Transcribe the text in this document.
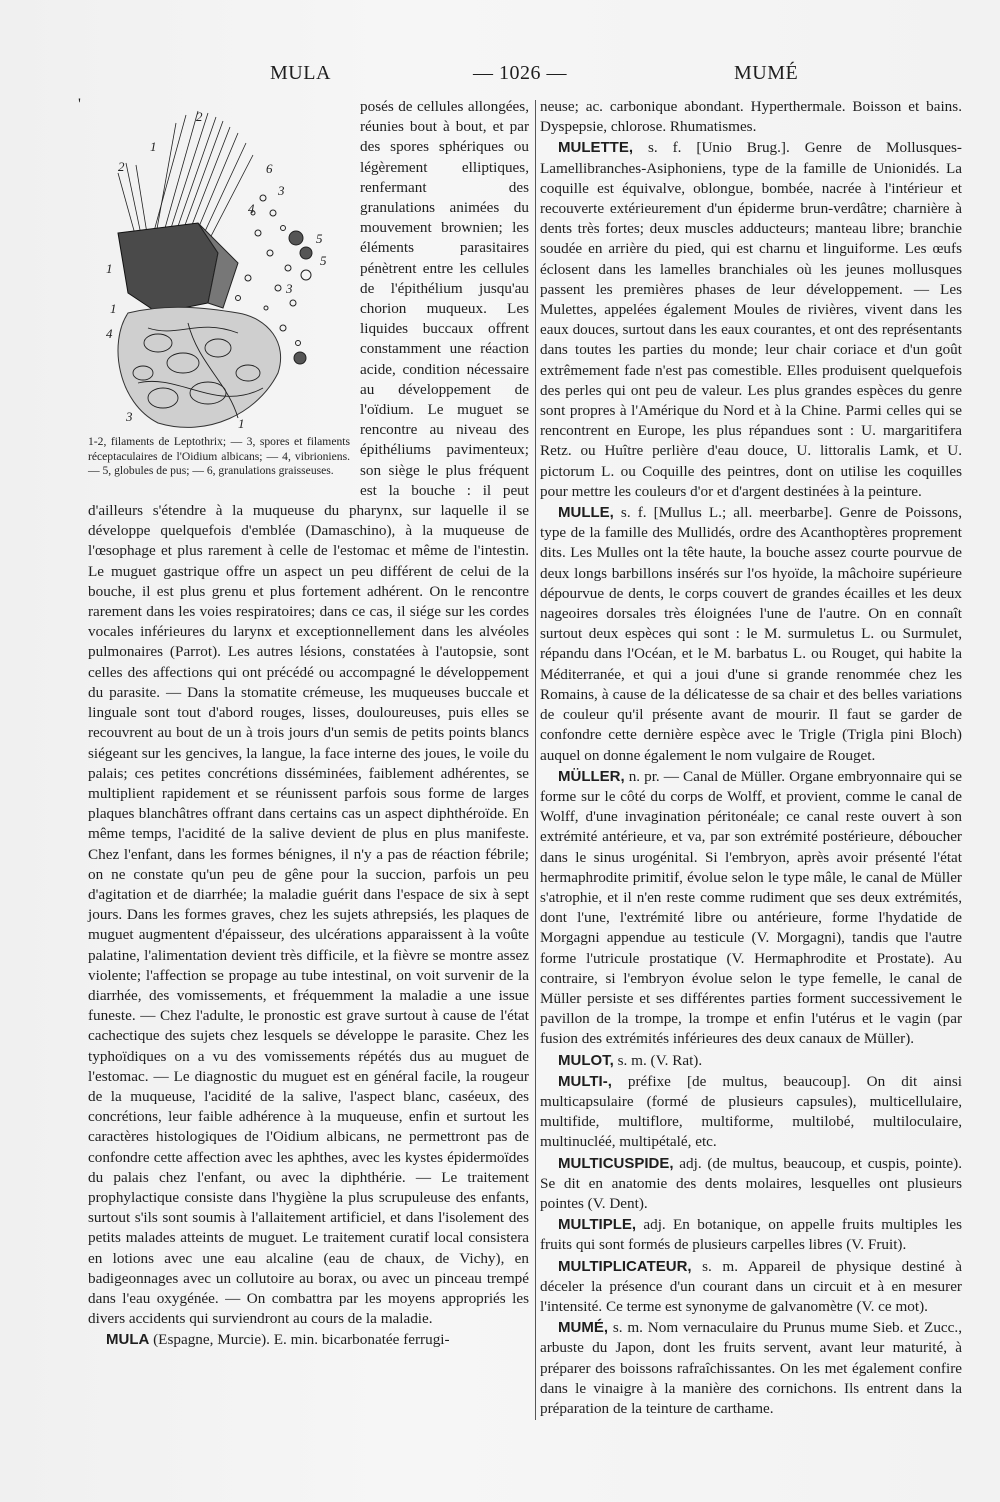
MULA	— 1026 —	MUMÉ
'
2
1
2	6
3
4
5
1
5
3
1
4
1
3
1-2, filaments de Leptothrix; — 3, spores et filaments réceptaculaires de l'Oidium albicans; — 4, vibrioniens. — 5, globules de pus; — 6, granulations graisseuses.

posés de cellules allongées, réunies bout à bout, et par des spores sphériques ou légèrement elliptiques, renfermant des granulations animées du mouvement brownien; les éléments parasitaires pénètrent entre les cellules de l'épithélium jusqu'au chorion muqueux. Les liquides buccaux offrent constamment une réaction acide, condition nécessaire au développement de l'oïdium. Le muguet se rencontre au niveau des épithéliums pavimenteux; son siège le plus fréquent est la bouche : il peut d'ailleurs s'étendre à la muqueuse du pharynx, sur laquelle il se développe quelquefois d'emblée (Damaschino), à la muqueuse de l'œsophage et plus rarement à celle de l'estomac et même de l'intestin. Le muguet gastrique offre un aspect un peu différent de celui de la bouche, il est plus grenu et plus fortement adhérent. On le rencontre rarement dans les voies respiratoires; dans ce cas, il siége sur les cordes vocales inférieures du larynx et exceptionnellement dans les alvéoles pulmonaires (Parrot). Les autres lésions, constatées à l'autopsie, sont celles des affections qui ont précédé ou accompagné le développement du parasite. — Dans la stomatite crémeuse, les muqueuses buccale et linguale sont tout d'abord rouges, lisses, douloureuses, puis elles se recouvrent au bout de un à trois jours d'un semis de petits points blancs siégeant sur les gencives, la langue, la face interne des joues, le voile du palais; ces petites concrétions disséminées, faiblement adhérentes, se multiplient rapidement et se réunissent parfois sous forme de larges plaques blanchâtres offrant dans certains cas un aspect diphthéroïde. En même temps, l'acidité de la salive devient de plus en plus manifeste. Chez l'enfant, dans les formes bénignes, il n'y a pas de réaction fébrile; on ne constate qu'un peu de gêne pour la succion, parfois un peu d'agitation et de diarrhée; la maladie guérit dans l'espace de six à sept jours. Dans les formes graves, chez les sujets athrepsiés, les plaques de muguet augmentent d'épaisseur, des ulcérations apparaissent à la voûte palatine, l'alimentation devient très difficile, et la fièvre se montre assez violente; l'affection se propage au tube intestinal, on voit survenir de la diarrhée, des vomissements, et fréquemment la maladie a une issue funeste. — Chez l'adulte, le pronostic est grave surtout à cause de l'état cachectique des sujets chez lesquels se développe le parasite. Chez les typhoïdiques on a vu des vomissements répétés dus au muguet de l'estomac. — Le diagnostic du muguet est en général facile, la rougeur de la muqueuse, l'acidité de la salive, l'aspect blanc, caséeux, des concrétions, leur faible adhérence à la muqueuse, enfin et surtout les caractères histologiques de l'Oidium albicans, ne permettront pas de confondre cette affection avec les aphthes, avec les kystes épidermoïdes du palais chez l'enfant, ou avec la diphthérie. — Le traitement prophylactique consiste dans l'hygiène la plus scrupuleuse des enfants, surtout s'ils sont soumis à l'allaitement artificiel, et dans l'isolement des petits malades atteints de muguet. Le traitement curatif local consistera en lotions avec une eau alcaline (eau de chaux, de Vichy), en badigeonnages avec un collutoire au borax, ou avec un pinceau trempé dans l'eau oxygénée. — On combattra par les moyens appropriés les divers accidents qui surviendront au cours de la maladie.

MULA (Espagne, Murcie). E. min. bicarbonatée ferrugi-

neuse; ac. carbonique abondant. Hyperthermale. Boisson et bains. Dyspepsie, chlorose. Rhumatismes.

MULETTE, s. f. [Unio Brug.]. Genre de Mollusques-Lamellibranches-Asiphoniens, type de la famille de Unionidés. La coquille est équivalve, oblongue, bombée, nacrée à l'intérieur et recouverte extérieurement d'un épiderme brun-verdâtre; charnière à dents très fortes; deux muscles adducteurs; manteau libre; branchie soudée en arrière du pied, qui est charnu et linguiforme. Les œufs éclosent dans les lamelles branchiales où les jeunes mollusques passent les premières phases de leur développement. — Les Mulettes, appelées également Moules de rivières, vivent dans les eaux douces, surtout dans les eaux courantes, et ont des représentants dans toutes les parties du monde; leur chair coriace et d'un goût extrêmement fade n'est pas comestible. Elles produisent quelquefois des perles qui ont peu de valeur. Les plus grandes espèces du genre sont propres à l'Amérique du Nord et à la Chine. Parmi celles qui se rencontrent en Europe, les plus répandues sont : U. margaritifera Retz. ou Huître perlière d'eau douce, U. littoralis Lamk, et U. pictorum L. ou Coquille des peintres, dont on utilise les coquilles pour mettre les couleurs d'or et d'argent destinées à la peinture.

MULLE, s. f. [Mullus L.; all. meerbarbe]. Genre de Poissons, type de la famille des Mullidés, ordre des Acanthoptères proprement dits. Les Mulles ont la tête haute, la bouche assez courte pourvue de deux longs barbillons insérés sur l'os hyoïde, la mâchoire supérieure dépourvue de dents, le corps couvert de grandes écailles et les deux nageoires dorsales très éloignées l'une de l'autre. On en connaît surtout deux espèces qui sont : le M. surmuletus L. ou Surmulet, répandu dans l'Océan, et le M. barbatus L. ou Rouget, qui habite la Méditerranée, et qui a joui d'une si grande renommée chez les Romains, à cause de la délicatesse de sa chair et des belles variations de couleur qu'il présente avant de mourir. Il faut se garder de confondre cette dernière espèce avec le Trigle (Trigla pini Bloch) auquel on donne également le nom vulgaire de Rouget.

MÜLLER, n. pr. — Canal de Müller. Organe embryonnaire qui se forme sur le côté du corps de Wolff, et provient, comme le canal de Wolff, d'une invagination péritonéale; ce canal reste ouvert à son extrémité antérieure, et va, par son extrémité postérieure, déboucher dans le sinus urogénital. Si l'embryon, après avoir présenté l'état hermaphrodite primitif, évolue selon le type mâle, le canal de Müller s'atrophie, et il n'en reste comme rudiment que ses deux extrémités, dont l'une, l'extrémité libre ou antérieure, forme l'hydatide de Morgagni appendue au testicule (V. Morgagni), tandis que l'autre forme l'utricule prostatique (V. Hermaphrodite et Prostate). Au contraire, si l'embryon évolue selon le type femelle, le canal de Müller persiste et ses différentes parties forment successivement le pavillon de la trompe, la trompe et enfin l'utérus et le vagin (par fusion des extrémités inférieures des deux canaux de Müller).

MULOT, s. m. (V. Rat).

MULTI-, préfixe [de multus, beaucoup]. On dit ainsi multicapsulaire (formé de plusieurs capsules), multicellulaire, multifide, multiflore, multiforme, multilobé, multiloculaire, multinucléé, multipétalé, etc.

MULTICUSPIDE, adj. (de multus, beaucoup, et cuspis, pointe). Se dit en anatomie des dents molaires, lesquelles ont plusieurs pointes (V. Dent).

MULTIPLE, adj. En botanique, on appelle fruits multiples les fruits qui sont formés de plusieurs carpelles libres (V. Fruit).

MULTIPLICATEUR, s. m. Appareil de physique destiné à déceler la présence d'un courant dans un circuit et à en mesurer l'intensité. Ce terme est synonyme de galvanomètre (V. ce mot).

MUMÉ, s. m. Nom vernaculaire du Prunus mume Sieb. et Zucc., arbuste du Japon, dont les fruits servent, avant leur maturité, à préparer des boissons rafraîchissantes. On les met également confire dans le vinaigre à la manière des cornichons. Ils entrent dans la préparation de la teinture de carthame.
